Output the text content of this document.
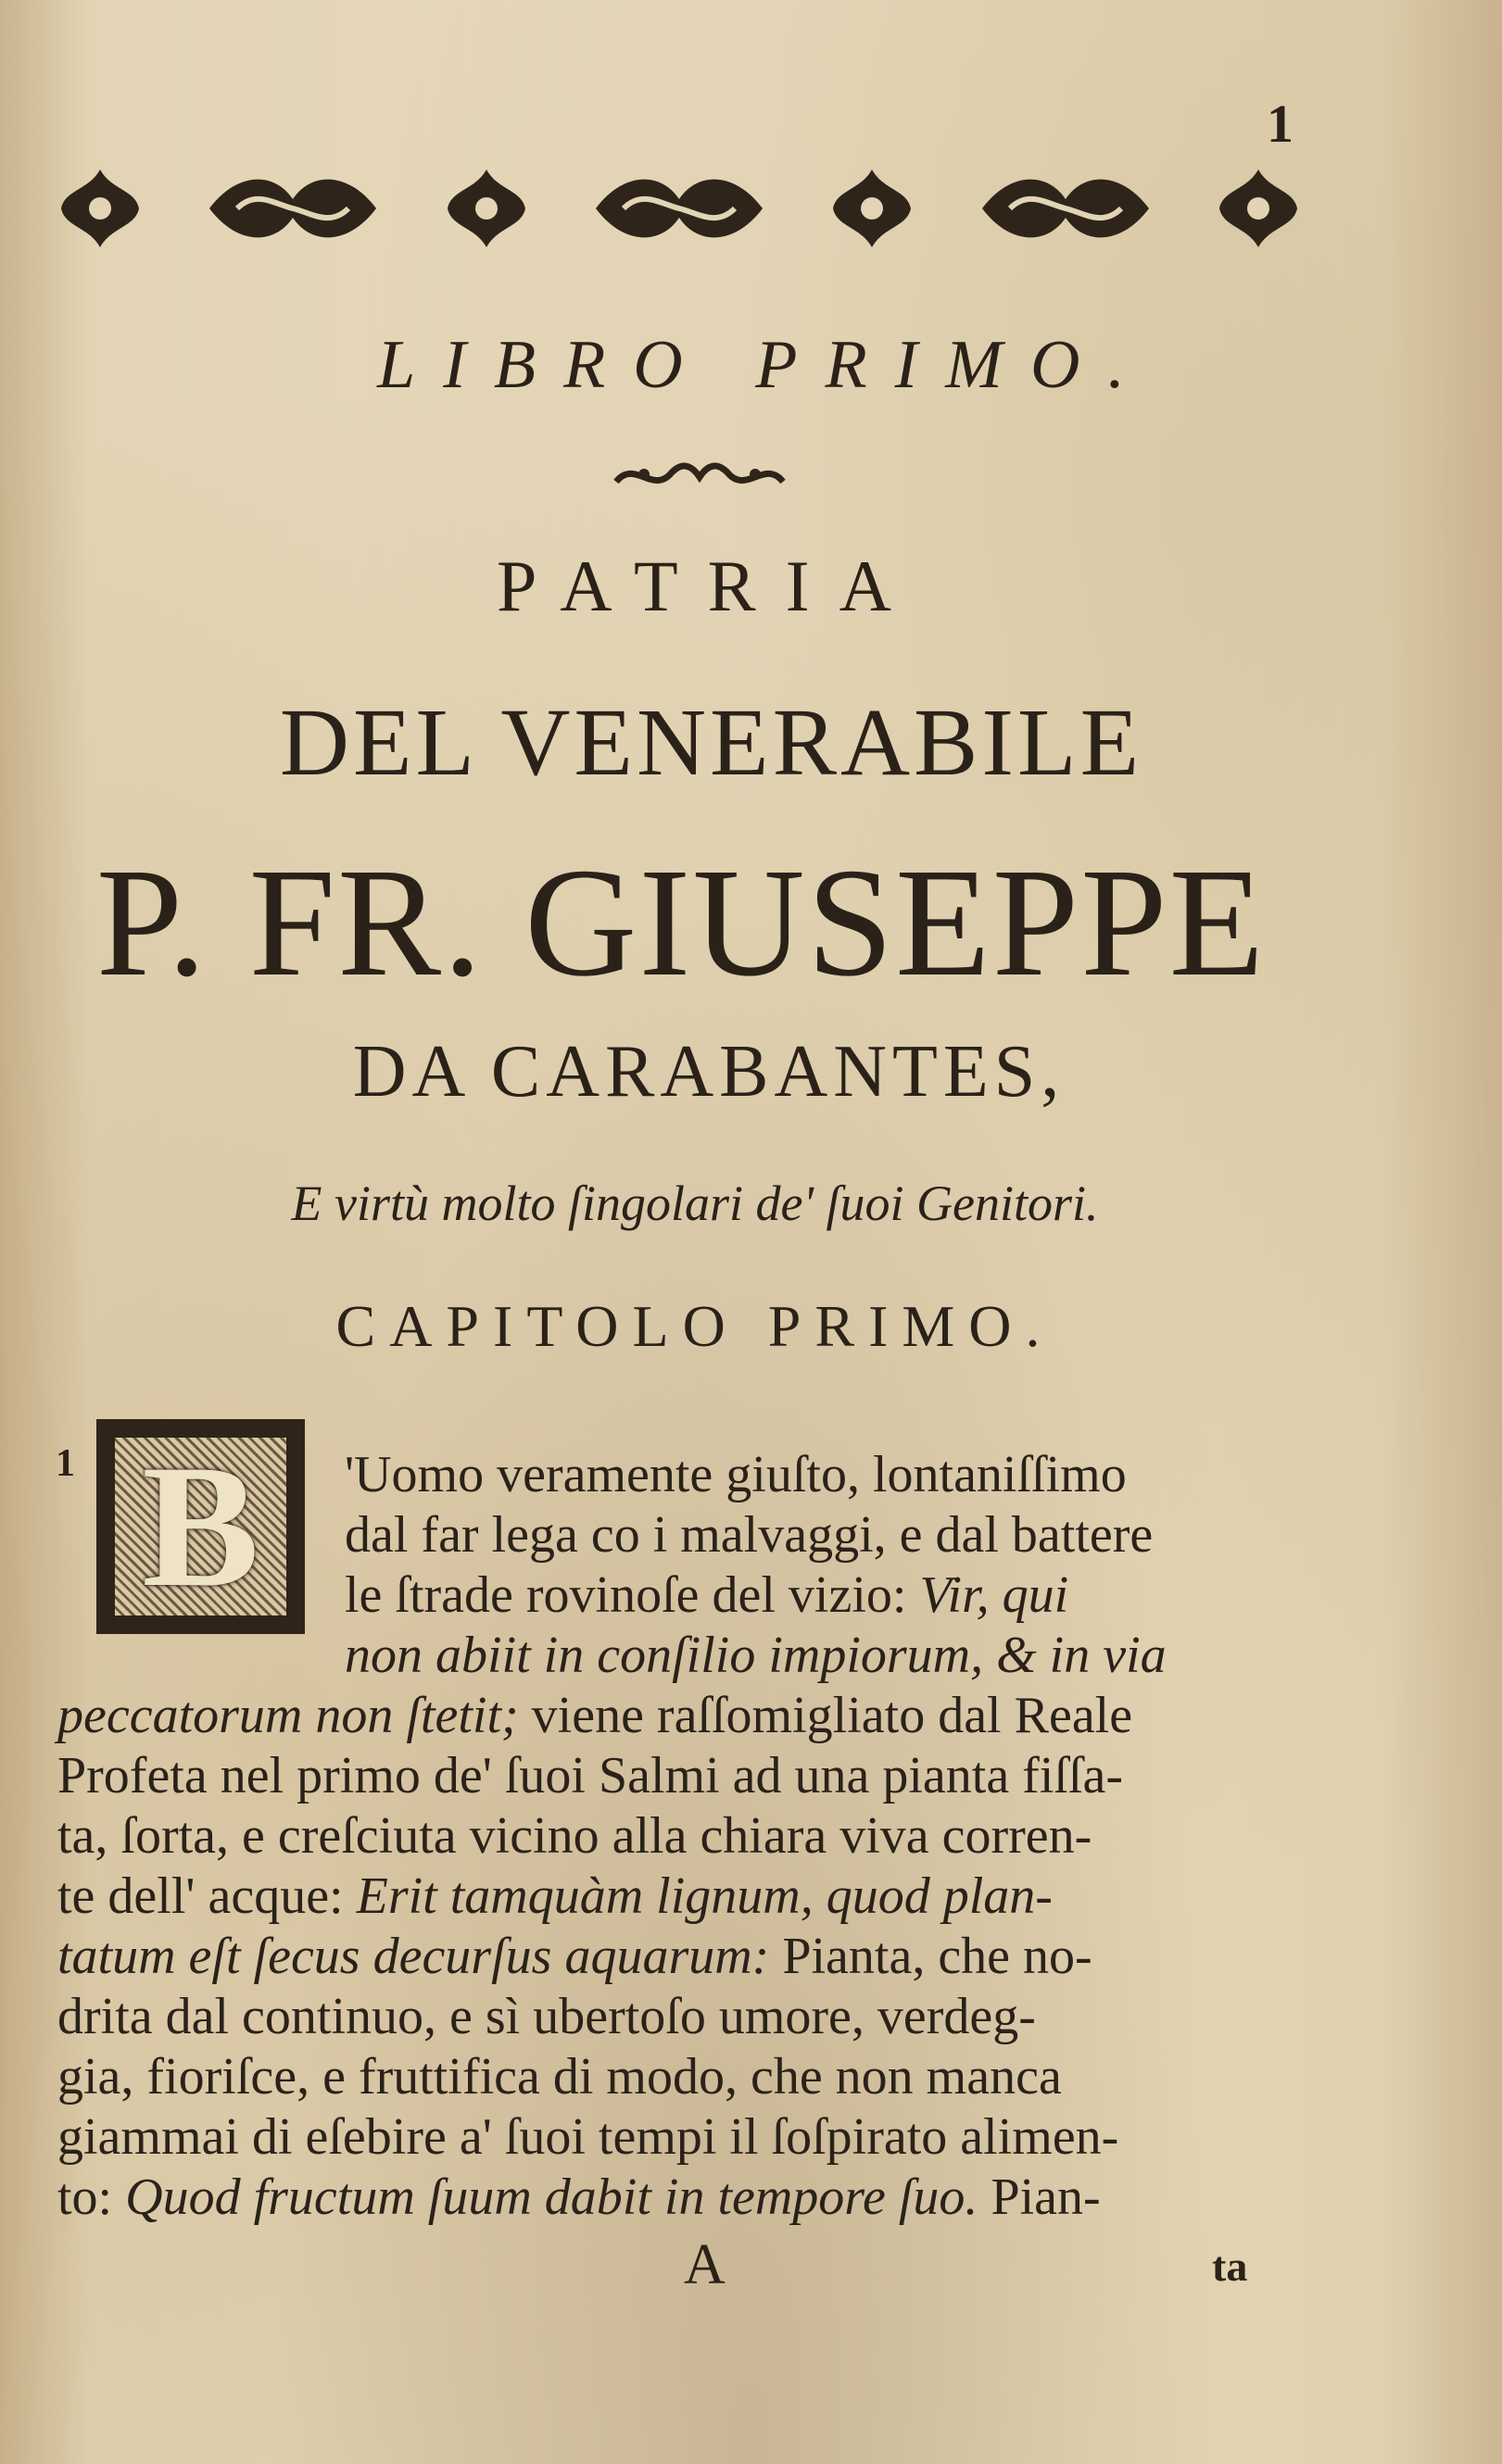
1
LIBRO PRIMO.
PATRIA
DEL VENERABILE
P. FR. GIUSEPPE
DA CARABANTES,
E virtù molto ſingolari de' ſuoi Genitori.
CAPITOLO PRIMO.
1 B	'Uomo veramente giuſto, lontaniſſimo
dal far lega co i malvaggi, e dal battere
le ſtrade rovinoſe del vizio: Vir, qui
non abiit in conſilio impiorum, & in via
peccatorum non ſtetit; viene raſſomigliato dal Reale
Profeta nel primo de' ſuoi Salmi ad una pianta fiſſa-
ta, ſorta, e creſciuta vicino alla chiara viva corren-
te dell' acque: Erit tamquàm lignum, quod plan-
tatum eſt ſecus decurſus aquarum: Pianta, che no-
drita dal continuo, e sì ubertoſo umore, verdeg-
gia, fioriſce, e fruttifica di modo, che non manca
giammai di eſebire a' ſuoi tempi il ſoſpirato alimen-
to: Quod fructum ſuum dabit in tempore ſuo. Pian-
A	ta
